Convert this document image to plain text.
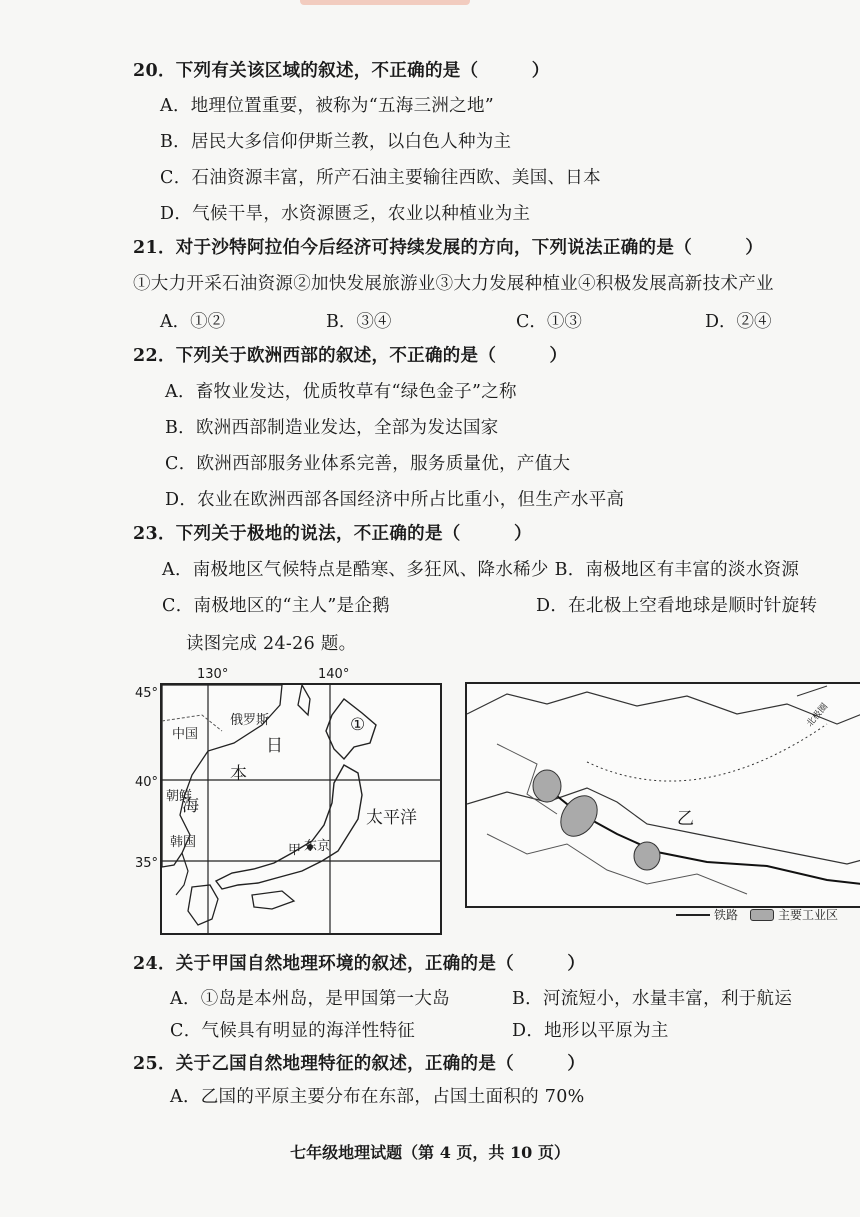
20．下列有关该区域的叙述，不正确的是（　　　）
A．地理位置重要，被称为“五海三洲之地”
B．居民大多信仰伊斯兰教，以白色人种为主
C．石油资源丰富，所产石油主要输往西欧、美国、日本
D．气候干旱，水资源匮乏，农业以种植业为主
21．对于沙特阿拉伯今后经济可持续发展的方向，下列说法正确的是（　　　）
①大力开采石油资源②加快发展旅游业③大力发展种植业④积极发展高新技术产业
A．①②	B．③④	C．①③	D．②④
22．下列关于欧洲西部的叙述，不正确的是（　　　）
A．畜牧业发达，优质牧草有“绿色金子”之称
B．欧洲西部制造业发达，全部为发达国家
C．欧洲西部服务业体系完善，服务质量优，产值大
D．农业在欧洲西部各国经济中所占比重小，但生产水平高
23．下列关于极地的说法，不正确的是（　　　）
A．南极地区气候特点是酷寒、多狂风、降水稀少 B．南极地区有丰富的淡水资源
C．南极地区的“主人”是企鹅	D．在北极上空看地球是顺时针旋转
读图完成 24-26 题。
130°	140°
45°
40°
35°
中国
俄罗斯
朝鲜
韩国
日
本
海
①
太平洋
甲 东京
乙
北极圈
铁路	主要工业区
24．关于甲国自然地理环境的叙述，正确的是（　　　）
A．①岛是本州岛，是甲国第一大岛	B．河流短小，水量丰富，利于航运
C．气候具有明显的海洋性特征	D．地形以平原为主
25．关于乙国自然地理特征的叙述，正确的是（　　　）
A．乙国的平原主要分布在东部，占国土面积的 70%
七年级地理试题（第 4 页，共 10 页）
